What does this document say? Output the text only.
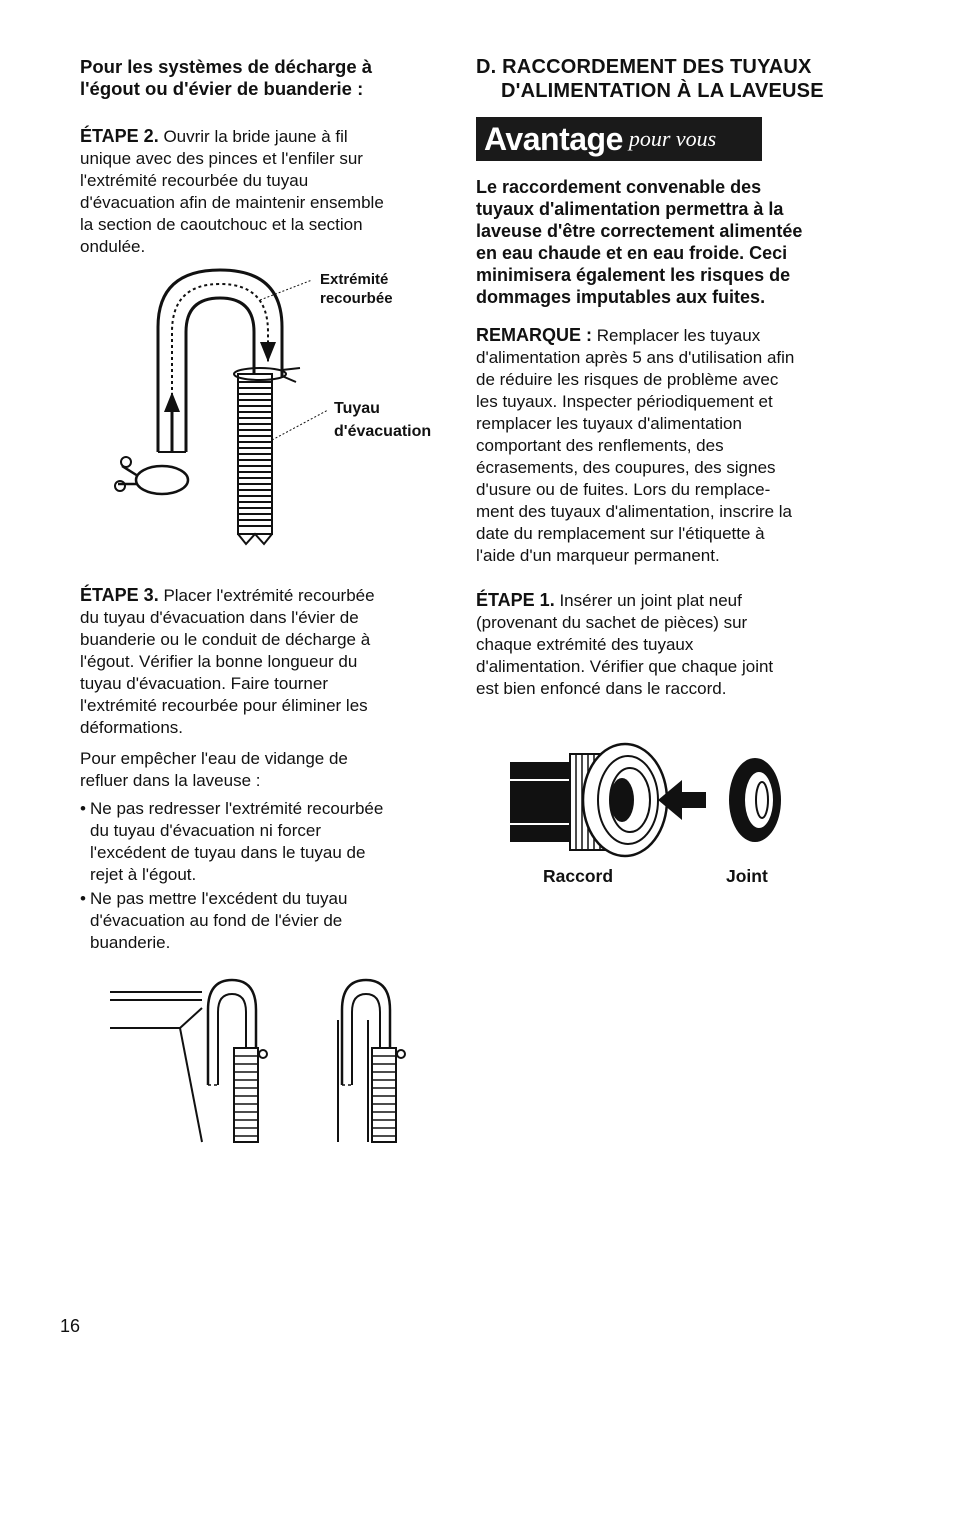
Pour les systèmes de décharge à
l'égout ou d'évier de buanderie :
ÉTAPE 2. Ouvrir la bride jaune à fil
unique avec des pinces et l'enfiler sur
l'extrémité recourbée du tuyau
d'évacuation afin de maintenir ensemble
la section de caoutchouc et la section
ondulée.
Extrémité
recourbée
Tuyau
d'évacuation
ÉTAPE 3. Placer l'extrémité recourbée
du tuyau d'évacuation dans l'évier de
buanderie ou le conduit de décharge à
l'égout. Vérifier la bonne longueur du
tuyau d'évacuation. Faire tourner
l'extrémité recourbée pour éliminer les
déformations.
Pour empêcher l'eau de vidange de
refluer dans la laveuse :
• Ne pas redresser l'extrémité recourbée
du tuyau d'évacuation ni forcer
l'excédent de tuyau dans le tuyau de
rejet à l'égout.
• Ne pas mettre l'excédent du tuyau
d'évacuation au fond de l'évier de
buanderie.
D. RACCORDEMENT DES TUYAUX
D'ALIMENTATION À LA LAVEUSE
Avantage pour vous
Le raccordement convenable des
tuyaux d'alimentation permettra à la
laveuse d'être correctement alimentée
en eau chaude et en eau froide. Ceci
minimisera également les risques de
dommages imputables aux fuites.
REMARQUE : Remplacer les tuyaux
d'alimentation après 5 ans d'utilisation afin
de réduire les risques de problème avec
les tuyaux. Inspecter périodiquement et
remplacer les tuyaux d'alimentation
comportant des renflements, des
écrasements, des coupures, des signes
d'usure ou de fuites. Lors du remplace-
ment des tuyaux d'alimentation, inscrire la
date du remplacement sur l'étiquette à
l'aide d'un marqueur permanent.
ÉTAPE 1. Insérer un joint plat neuf
(provenant du sachet de pièces) sur
chaque extrémité des tuyaux
d'alimentation. Vérifier que chaque joint
est bien enfoncé dans le raccord.
Raccord	Joint
16
